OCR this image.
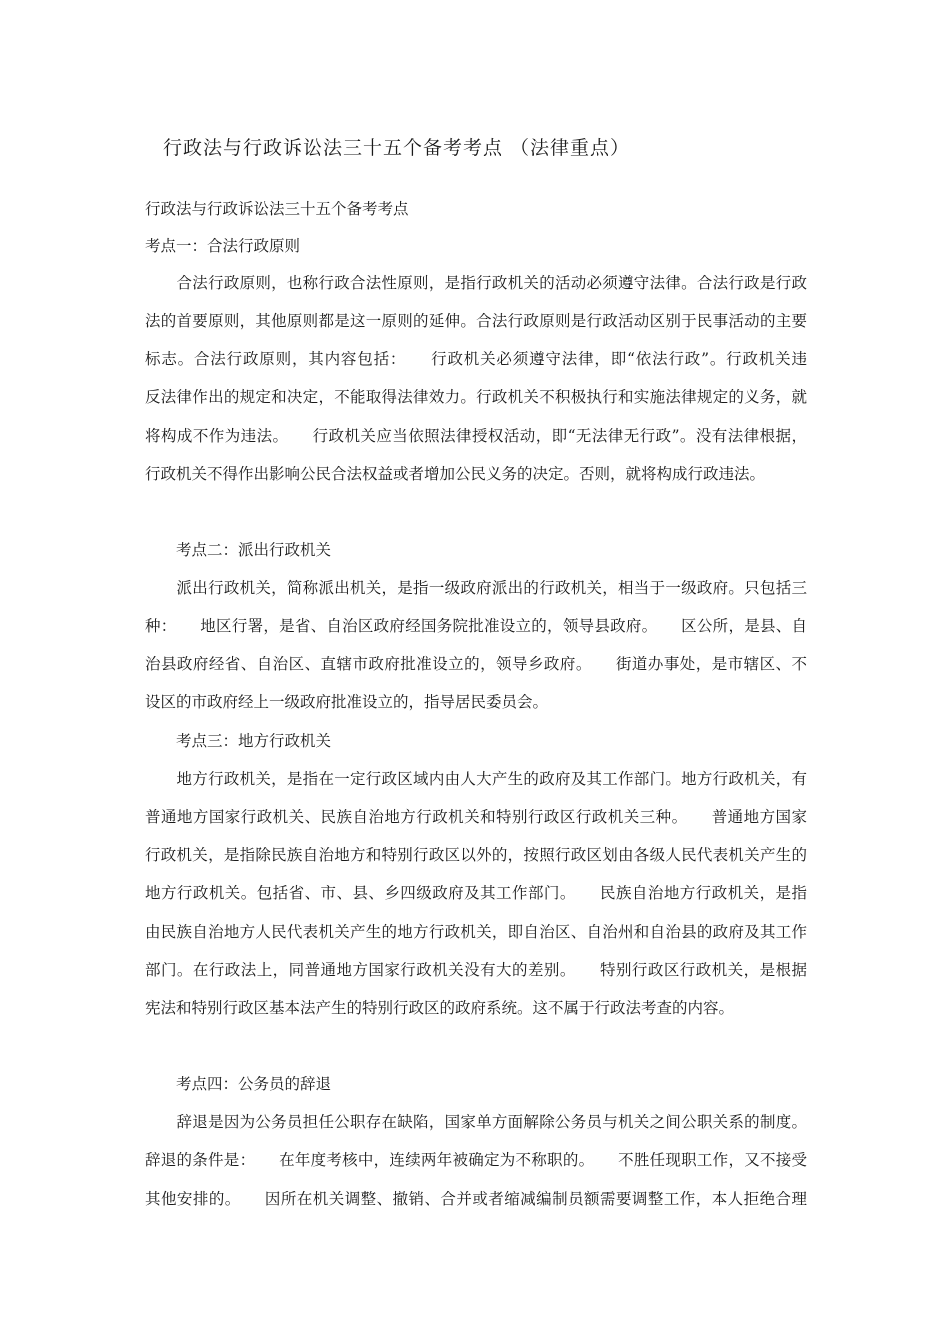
行政法与行政诉讼法三十五个备考考点 （法律重点）
行政法与行政诉讼法三十五个备考考点
考点一：合法行政原则
　　合法行政原则，也称行政合法性原则，是指行政机关的活动必须遵守法律。合法行政是行政
法的首要原则，其他原则都是这一原则的延伸。合法行政原则是行政活动区别于民事活动的主要
标志。合法行政原则，其内容包括：　　行政机关必须遵守法律，即“依法行政”。行政机关违
反法律作出的规定和决定，不能取得法律效力。行政机关不积极执行和实施法律规定的义务，就
将构成不作为违法。　　行政机关应当依照法律授权活动，即“无法律无行政”。没有法律根据，
行政机关不得作出影响公民合法权益或者增加公民义务的决定。否则，就将构成行政违法。
　　考点二：派出行政机关
　　派出行政机关，简称派出机关，是指一级政府派出的行政机关，相当于一级政府。只包括三
种：　　地区行署，是省、自治区政府经国务院批准设立的，领导县政府。　　区公所，是县、自
治县政府经省、自治区、直辖市政府批准设立的，领导乡政府。　　街道办事处，是市辖区、不
设区的市政府经上一级政府批准设立的，指导居民委员会。
　　考点三：地方行政机关
　　地方行政机关，是指在一定行政区域内由人大产生的政府及其工作部门。地方行政机关，有
普通地方国家行政机关、民族自治地方行政机关和特别行政区行政机关三种。　　普通地方国家
行政机关，是指除民族自治地方和特别行政区以外的，按照行政区划由各级人民代表机关产生的
地方行政机关。包括省、市、县、乡四级政府及其工作部门。　　民族自治地方行政机关，是指
由民族自治地方人民代表机关产生的地方行政机关，即自治区、自治州和自治县的政府及其工作
部门。在行政法上，同普通地方国家行政机关没有大的差别。　　特别行政区行政机关，是根据
宪法和特别行政区基本法产生的特别行政区的政府系统。这不属于行政法考查的内容。
　　考点四：公务员的辞退
　　辞退是因为公务员担任公职存在缺陷，国家单方面解除公务员与机关之间公职关系的制度。
辞退的条件是：　　在年度考核中，连续两年被确定为不称职的。　　不胜任现职工作，又不接受
其他安排的。　　因所在机关调整、撤销、合并或者缩减编制员额需要调整工作，本人拒绝合理
